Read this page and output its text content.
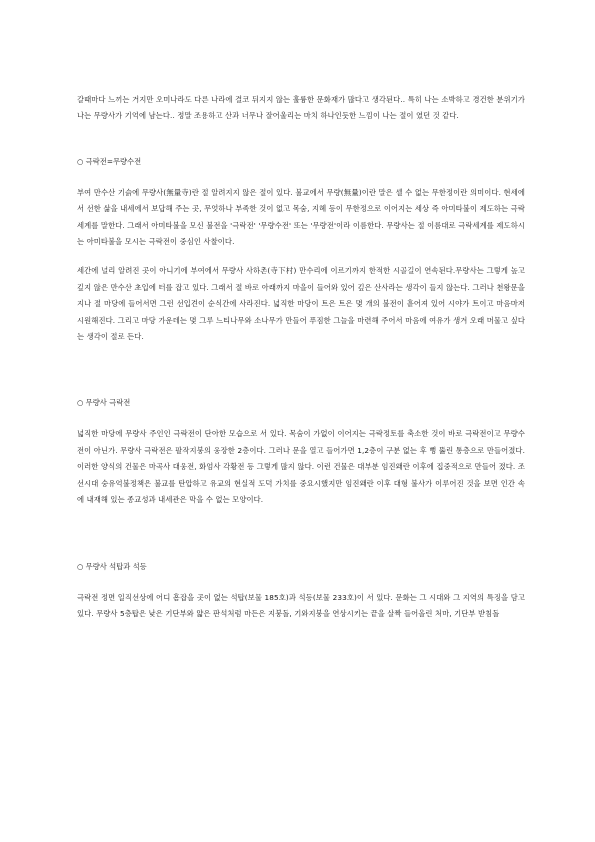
갈때마다 느끼는 거지만 오미나라도 다른 나라에 결코 뒤지지 않는 훌륭한 문화재가 많다고 생각된다.. 특히 나는 소박하고 경건한 분위기가 나는 무량사가 기억에 남는다.. 정말 조용하고 산과 너무나 잘어울리는 마치 하나인듯한 느낌이 나는 절이 였던 것 같다.

○ 극락전=무량수전

부여 만수산 기슭에 무량사(無量寺)란 절 알려지지 않은 절이 있다. 불교에서 무량(無量)이란 말은 셀 수 없는 무한정이란 의미이다. 현세에서 선한 삶을 내세에서 보답해 주는 곳, 무엇하나 부족한 것이 없고 목숨, 지혜 등이 무한정으로 이어지는 세상 즉 아미타불이 제도하는 극락세계를 말한다. 그래서 아미타불을 모신 불전을 '극락전' '무량수전' 또는 '무량전'이라 이름한다. 무량사는 절 이름대로 극락세계를 제도하시는 아미타불을 모시는 극락전이 중심인 사찰이다.

세간에 널리 알려진 곳이 아니기에 부여에서 무량사 사하촌(寺下村) 만수리에 이르기까지 한적한 시골길이 연속된다.무량사는 그렇게 높고 깊지 않은 만수산 초입에 터를 잡고 있다. 그래서 절 바로 아래까지 마을이 들어와 있어 깊은 산사라는 생각이 들지 않는다. 그러나 천왕문을 지나 절 마당에 들어서면 그런 선입견이 순식간에 사라진다. 넓직한 마당이 트은 트은 몇 개의 불전이 흩어져 있어 시야가 트이고 마음마저 시원해진다. 그리고 마당 가운데는 몇 그루 느티나무와 소나무가 만들어 푸짐한 그늘을 마련해 주어서 마음에 여유가 생겨 오래 머물고 싶다는 생각이 절로 든다.

○ 무량사 극락전

넓직한 마당에 무량사 주인인 극락전이 단아한 모습으로 서 있다. 목숨이 가없이 이어지는 극락정토를 축소한 것이 바로 극락전이고 무량수전이 아닌가. 무량사 극락전은 팔작지붕의 웅장한 2층이다. 그러나 문을 열고 들어가면 1,2층이 구분 없는 후 뻥 뚫린 통층으로 만들어졌다. 이러한 양식의 건물은 마곡사 대웅전, 화엄사 각황전 등 그렇게 많지 않다. 이런 건물은 대부분 임진왜란 이후에 집중적으로 만들어 졌다. 조선시대 숭유억불정책은 불교를 탄압하고 유교의 현실적 도덕 가치를 중요시했지만 임진왜란 이후 대형 불사가 이루어진 것을 보면 인간 속에 내재해 있는 종교성과 내세관은 막을 수 없는 모양이다.

○ 무량사 석탑과 석등

극락전 정면 일직선상에 어디 흠잡을 곳이 없는 석탑(보물 185호)과 석등(보물 233호)이 서 있다. 문화는 그 시대와 그 지역의 특징을 담고 있다. 무량사 5층탑은 낮은 기단부와 얇은 판석처럼 마든은 지붕돌, 기와지붕을 연상시키는 끝을 살짝 들어올린 처마, 기단부 받침돌
